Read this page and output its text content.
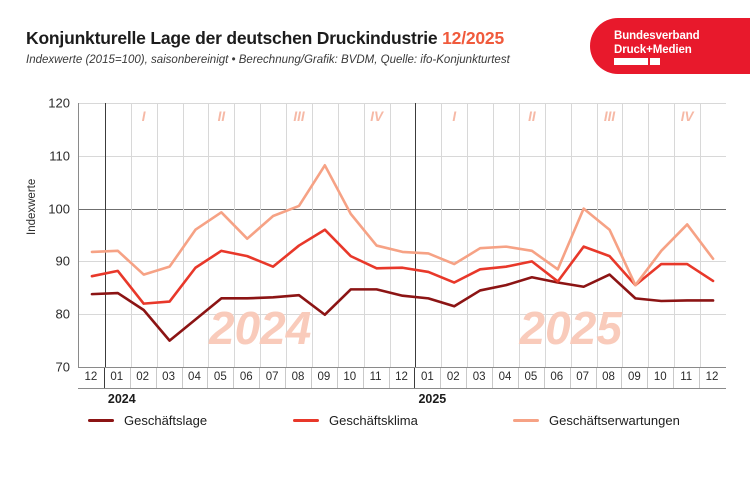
Konjunkturelle Lage der deutschen Druckindustrie 12/2025
Indexwerte (2015=100), saisonbereinigt • Berechnung/Grafik: BVDM, Quelle: ifo-Konjunkturtest
Bundesverband
Druck+Medien
Indexwerte
70
80
90
100
110
120
2024	2025
I	II	III	IV	I	II	III	IV
12 01 02 03 04 05 06 07 08 09 10 11 12 01 02 03 04 05 06 07 08 09 10 11 12
2024	2025
Geschäftslage	Geschäftsklima	Geschäftserwartungen
